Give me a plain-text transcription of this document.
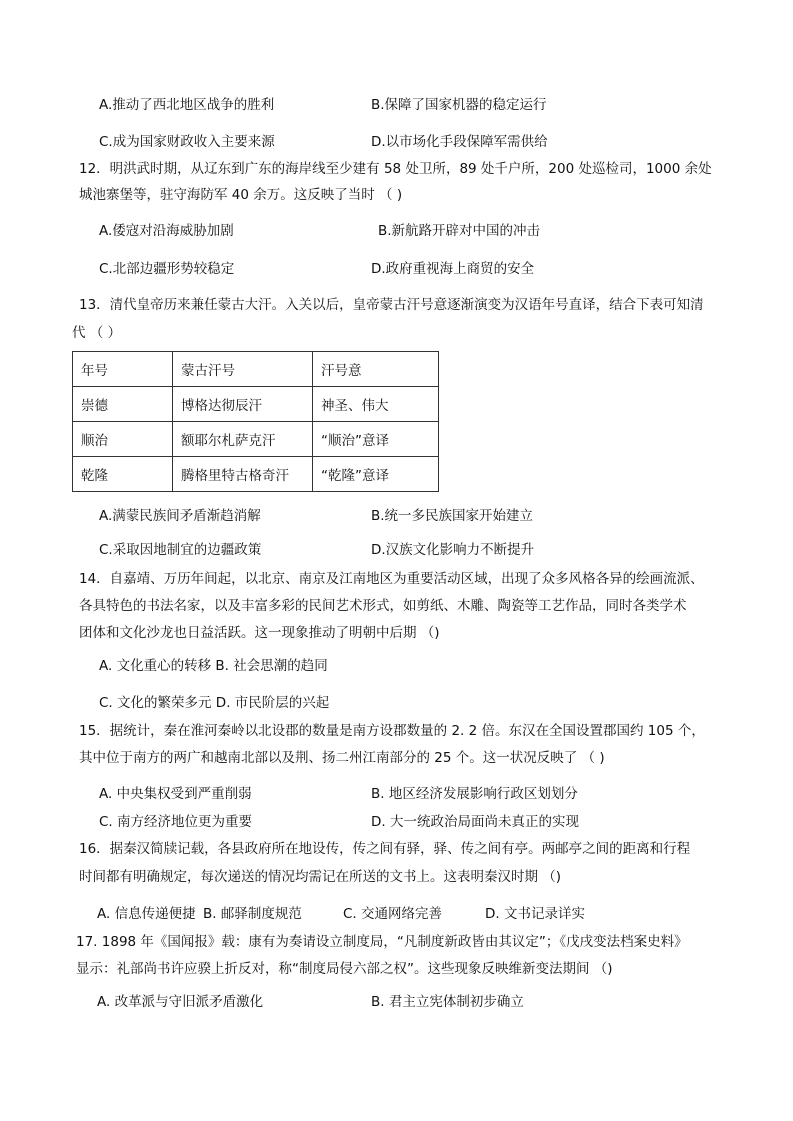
A.推动了西北地区战争的胜利	B.保障了国家机器的稳定运行
C.成为国家财政收入主要来源	D.以市场化手段保障军需供给
12．明洪武时期，从辽东到广东的海岸线至少建有 58 处卫所，89 处千户所，200 处巡检司，1000 余处
城池寨堡等，驻守海防军 40 余万。这反映了当时 （ )
A.倭寇对沿海威胁加剧	B.新航路开辟对中国的冲击
C.北部边疆形势较稳定	D.政府重视海上商贸的安全
13．清代皇帝历来兼任蒙古大汗。入关以后，皇帝蒙古汗号意逐渐演变为汉语年号直译，结合下表可知清
代 （ ）
年号	蒙古汗号	汗号意
崇德	博格达彻辰汗	神圣、伟大
顺治	额耶尔札萨克汗	“顺治”意译
乾隆	腾格里特古格奇汗	“乾隆”意译
A.满蒙民族间矛盾渐趋消解	B.统一多民族国家开始建立
C.采取因地制宜的边疆政策	D.汉族文化影响力不断提升
14．自嘉靖、万历年间起，以北京、南京及江南地区为重要活动区域，出现了众多风格各异的绘画流派、
各具特色的书法名家，以及丰富多彩的民间艺术形式，如剪纸、木雕、陶瓷等工艺作品，同时各类学术
团体和文化沙龙也日益活跃。这一现象推动了明朝中后期 （)
A. 文化重心的转移 B. 社会思潮的趋同
C. 文化的繁荣多元 D. 市民阶层的兴起
15．据统计，秦在淮河秦岭以北设郡的数量是南方设郡数量的 2. 2 倍。东汉在全国设置郡国约 105 个，
其中位于南方的两广和越南北部以及荆、扬二州江南部分的 25 个。这一状况反映了 （ )
A. 中央集权受到严重削弱	B. 地区经济发展影响行政区划划分
C. 南方经济地位更为重要	D. 大一统政治局面尚未真正的实现
16．据秦汉简牍记载，各县政府所在地设传，传之间有驿，驿、传之间有亭。两邮亭之间的距离和行程
时间都有明确规定，每次递送的情况均需记在所送的文书上。这表明秦汉时期 （)
A. 信息传递便捷 B. 邮驿制度规范	C. 交通网络完善	D. 文书记录详实
17. 1898 年《国闻报》载：康有为奏请设立制度局，“凡制度新政皆由其议定”；《戊戌变法档案史料》
显示：礼部尚书许应骙上折反对，称“制度局侵六部之权”。这些现象反映维新变法期间 （)
A. 改革派与守旧派矛盾激化	B. 君主立宪体制初步确立
